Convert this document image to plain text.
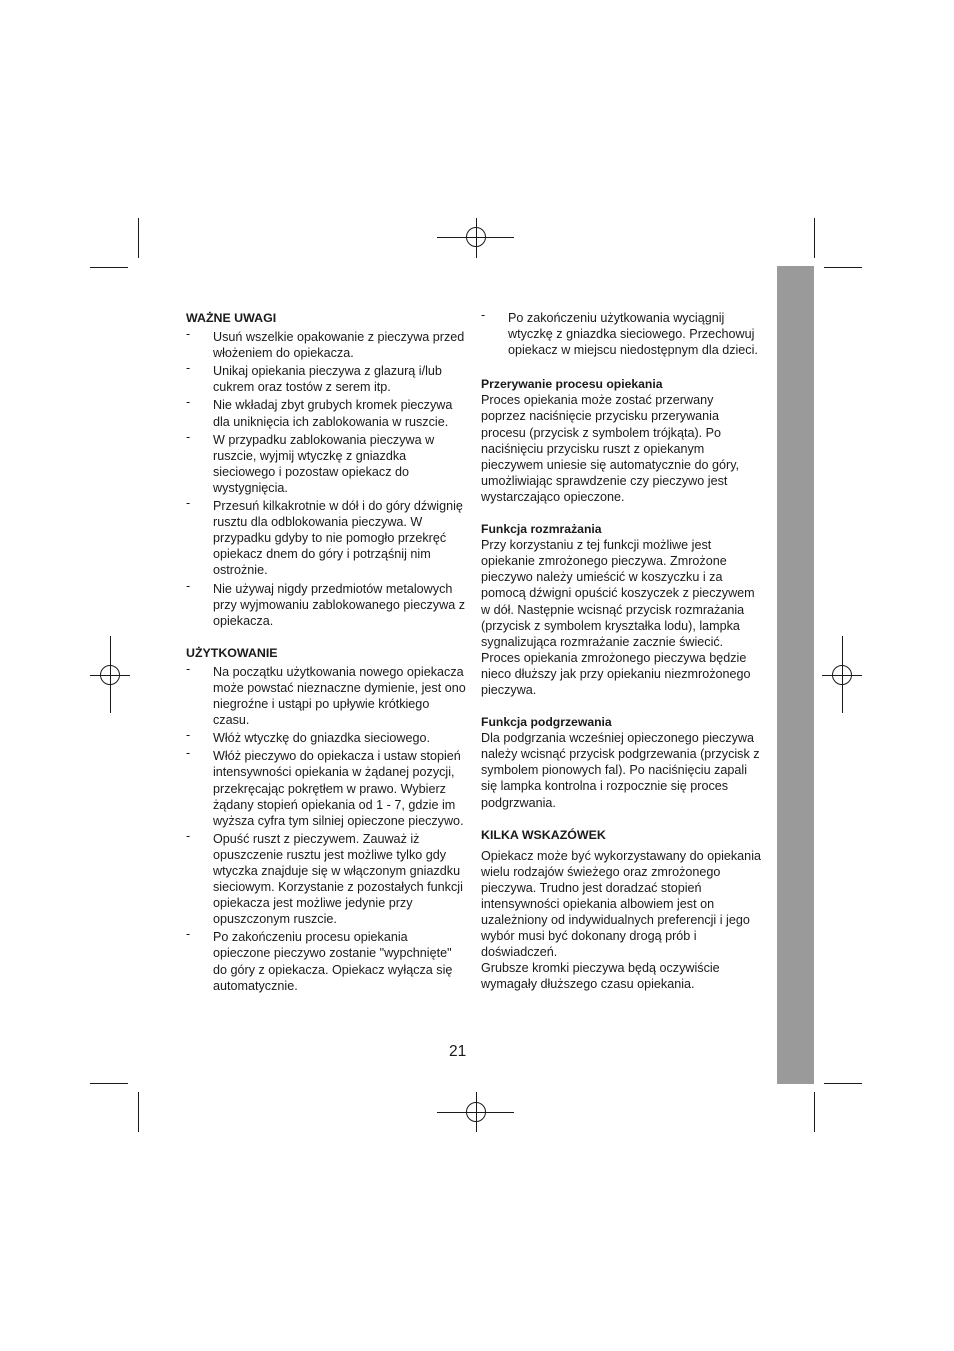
WAŻNE UWAGI
- Usuń wszelkie opakowanie z pieczywa przed włożeniem do opiekacza.
- Unikaj opiekania pieczywa z glazurą i/lub cukrem oraz tostów z serem itp.
- Nie wkładaj zbyt grubych kromek pieczywa dla uniknięcia ich zablokowania w ruszcie.
- W przypadku zablokowania pieczywa w ruszcie, wyjmij wtyczkę z gniazdka sieciowego i pozostaw opiekacz do wystygnięcia.
- Przesuń kilkakrotnie w dół i do góry dźwignię rusztu dla odblokowania pieczywa. W przypadku gdyby to nie pomogło przekręć opiekacz dnem do góry i potrząśnij nim ostrożnie.
- Nie używaj nigdy przedmiotów metalowych przy wyjmowaniu zablokowanego pieczywa z opiekacza.
UŻYTKOWANIE
- Na początku użytkowania nowego opiekacza może powstać nieznaczne dymienie, jest ono niegroźne i ustąpi po upływie krótkiego czasu.
- Włóż wtyczkę do gniazdka sieciowego.
- Włóż pieczywo do opiekacza i ustaw stopień intensywności opiekania w żądanej pozycji, przekręcając pokrętłem w prawo. Wybierz żądany stopień opiekania od 1 - 7, gdzie im wyższa cyfra tym silniej opieczone pieczywo.
- Opuść ruszt z pieczywem. Zauważ iż opuszczenie rusztu jest możliwe tylko gdy wtyczka znajduje się w włączonym gniazdku sieciowym. Korzystanie z pozostałych funkcji opiekacza jest możliwe jedynie przy opuszczonym ruszcie.
- Po zakończeniu procesu opiekania opieczone pieczywo zostanie "wypchnięte" do góry z opiekacza. Opiekacz wyłącza się automatycznie.
- Po zakończeniu użytkowania wyciągnij wtyczkę z gniazdka sieciowego. Przechowuj opiekacz w miejscu niedostępnym dla dzieci.
Przerywanie procesu opiekania

Proces opiekania może zostać przerwany poprzez naciśnięcie przycisku przerywania procesu (przycisk z symbolem trójkąta). Po naciśnięciu przycisku ruszt z opiekanym pieczywem uniesie się automatycznie do góry, umożliwiając sprawdzenie czy pieczywo jest wystarczająco opieczone.

Funkcja rozmrażania

Przy korzystaniu z tej funkcji możliwe jest opiekanie zmrożonego pieczywa. Zmrożone pieczywo należy umieścić w koszyczku i za pomocą dźwigni opuścić koszyczek z pieczywem w dół. Następnie wcisnąć przycisk rozmrażania (przycisk z symbolem kryształka lodu), lampka sygnalizująca rozmrażanie zacznie świecić. Proces opiekania zmrożonego pieczywa będzie nieco dłuższy jak przy opiekaniu niezmrożonego pieczywa.

Funkcja podgrzewania

Dla podgrzania wcześniej opieczonego pieczywa należy wcisnąć przycisk podgrzewania (przycisk z symbolem pionowych fal). Po naciśnięciu zapali się lampka kontrolna i rozpocznie się proces podgrzwania.

KILKA WSKAZÓWEK

Opiekacz może być wykorzystawany do opiekania wielu rodzajów świeżego oraz zmrożonego pieczywa. Trudno jest doradzać stopień intensywności opiekania albowiem jest on uzależniony od indywidualnych preferencji i jego wybór musi być dokonany drogą prób i doświadczeń.

Grubsze kromki pieczywa będą oczywiście wymagały dłuższego czasu opiekania.

21
